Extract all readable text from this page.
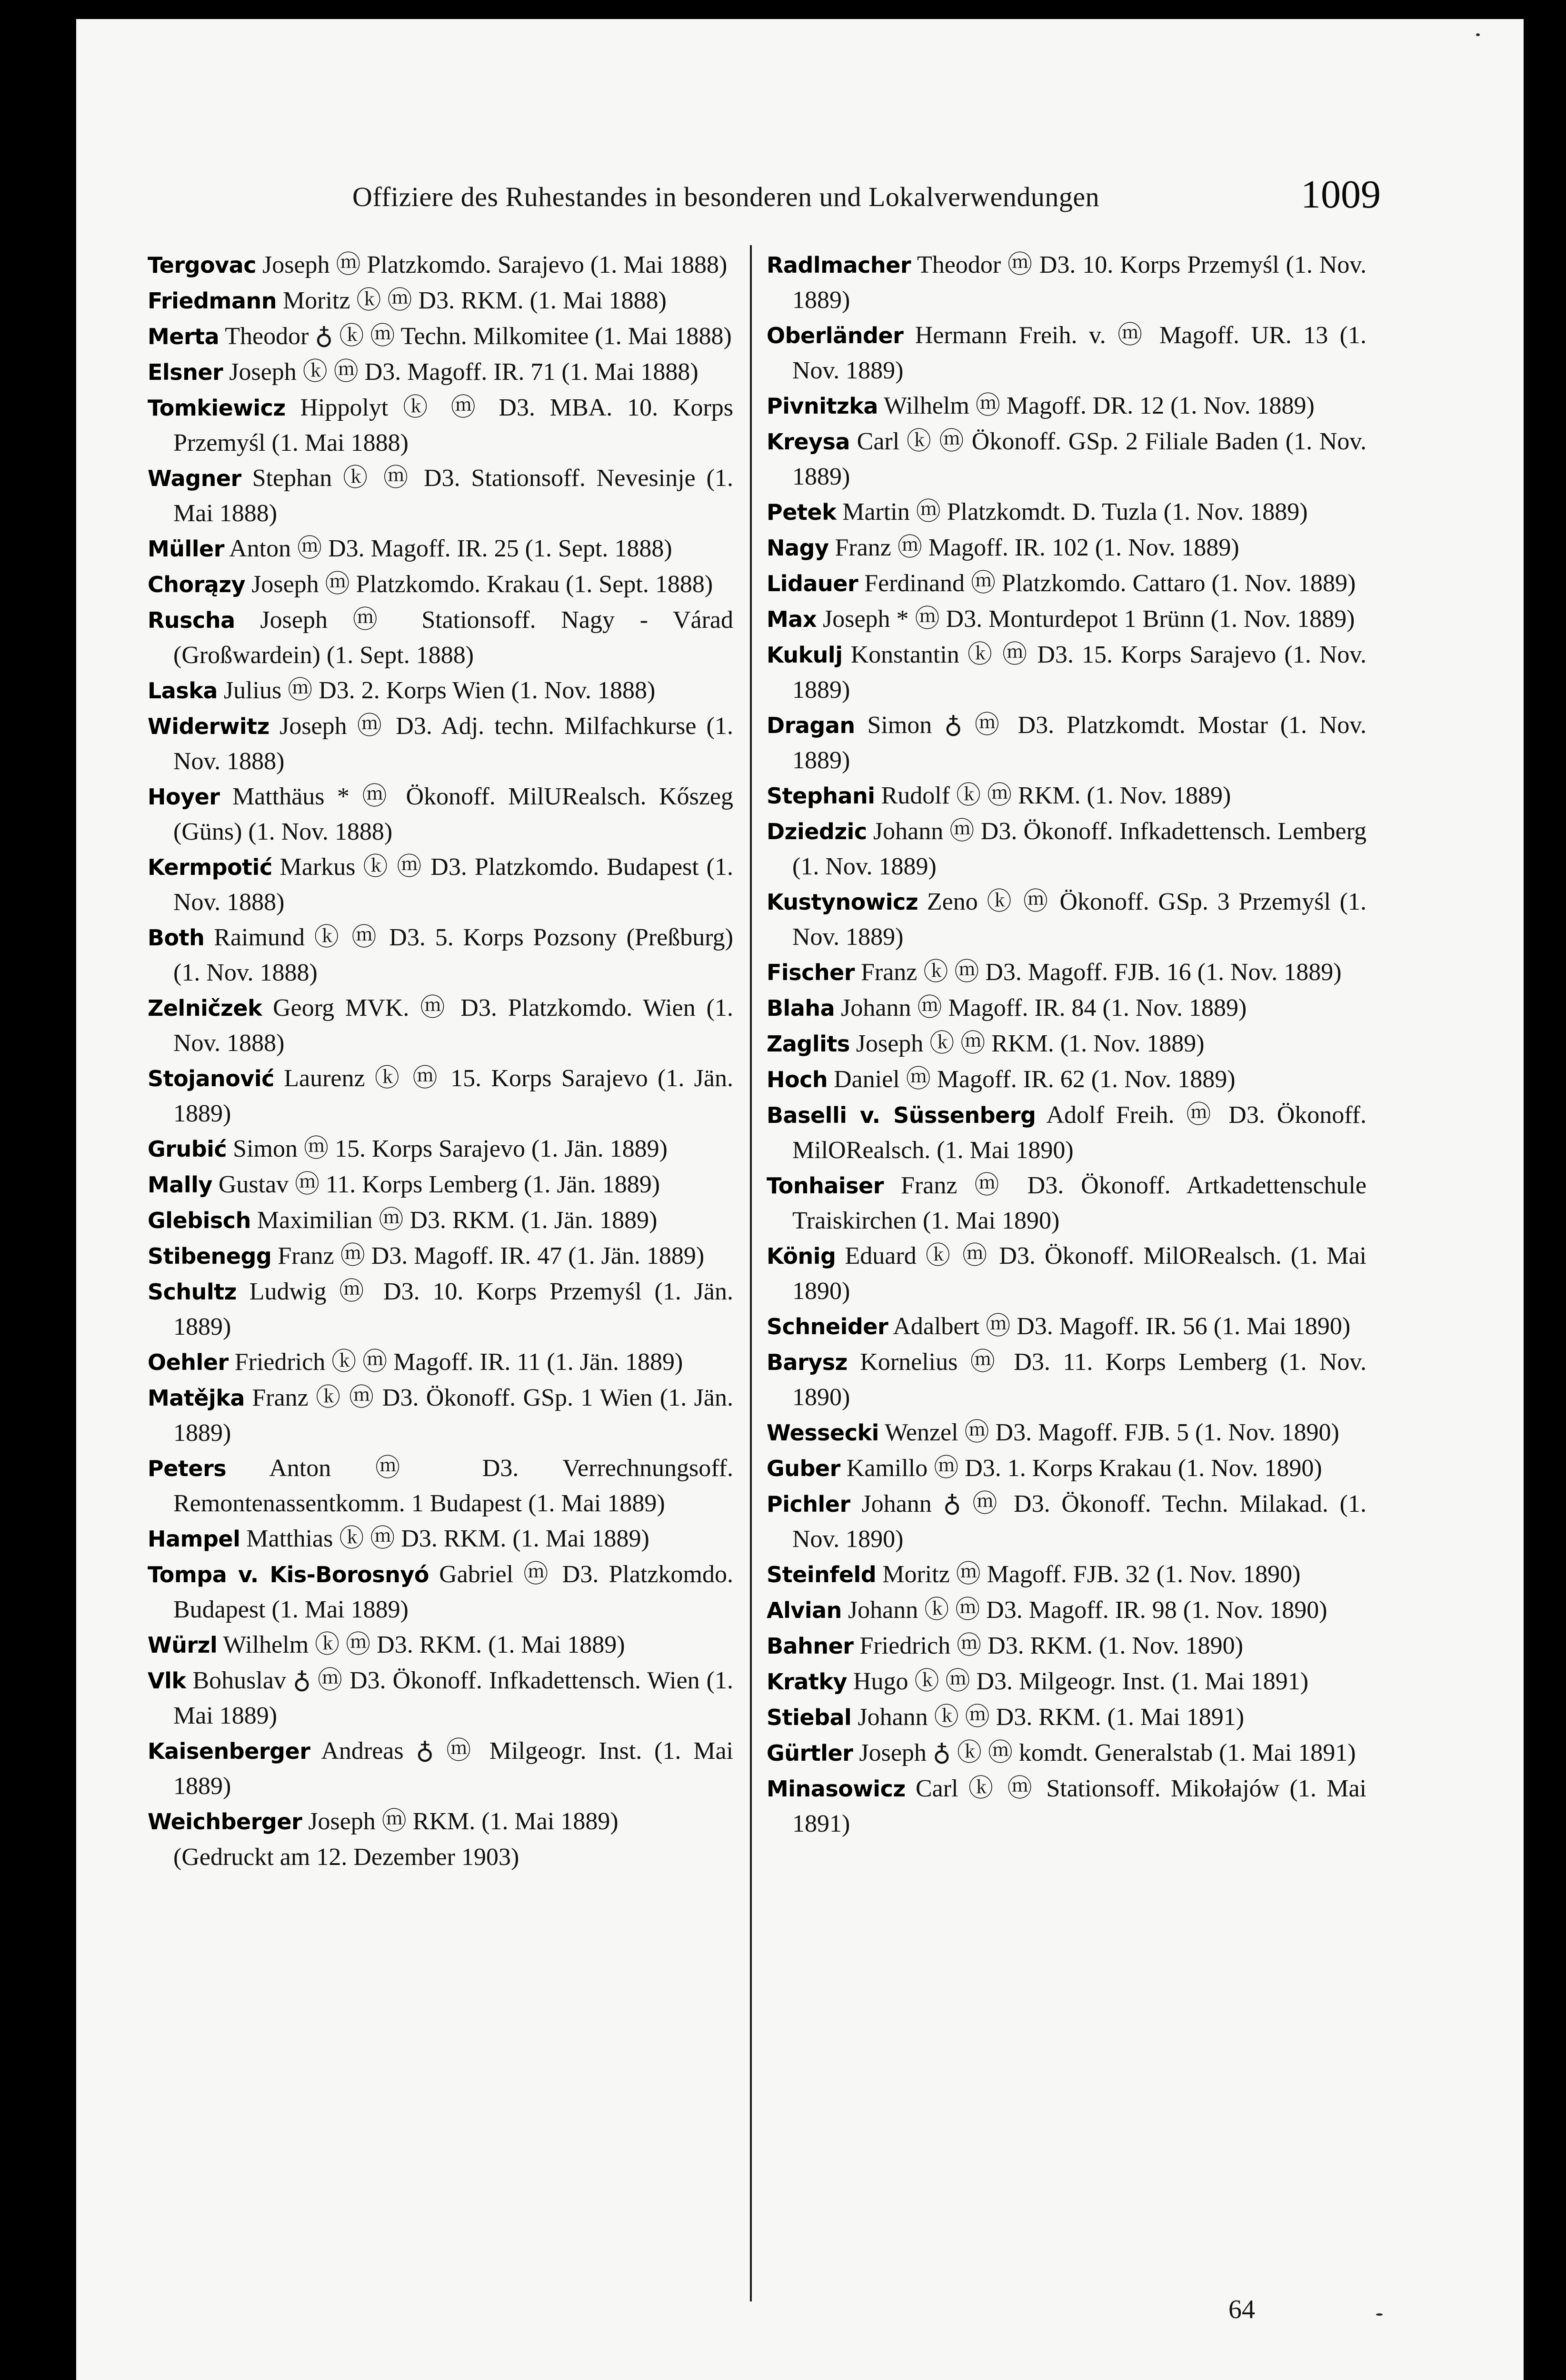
Offiziere des Ruhestandes in besonderen und Lokalverwendungen	1009

Tergovac Joseph ⓜ Platzkomdo. Sarajevo (1. Mai 1888)

Friedmann Moritz ⓚ ⓜ D3. RKM. (1. Mai 1888)

Merta Theodor ♁ ⓚ ⓜ Techn. Milkomitee (1. Mai 1888)

Elsner Joseph ⓚ ⓜ D3. Magoff. IR. 71 (1. Mai 1888)

Tomkiewicz Hippolyt ⓚ ⓜ D3. MBA. 10. Korps Przemyśl (1. Mai 1888)

Wagner Stephan ⓚ ⓜ D3. Stationsoff. Nevesinje (1. Mai 1888)

Müller Anton ⓜ D3. Magoff. IR. 25 (1. Sept. 1888)

Chorązy Joseph ⓜ Platzkomdo. Krakau (1. Sept. 1888)

Ruscha Joseph ⓜ Stationsoff. Nagy - Várad (Großwardein) (1. Sept. 1888)

Laska Julius ⓜ D3. 2. Korps Wien (1. Nov. 1888)

Widerwitz Joseph ⓜ D3. Adj. techn. Milfachkurse (1. Nov. 1888)

Hoyer Matthäus * ⓜ Ökonoff. MilURealsch. Kőszeg (Güns) (1. Nov. 1888)

Kermpotić Markus ⓚ ⓜ D3. Platzkomdo. Budapest (1. Nov. 1888)

Both Raimund ⓚ ⓜ D3. 5. Korps Pozsony (Preßburg) (1. Nov. 1888)

Zelničzek Georg MVK. ⓜ D3. Platzkomdo. Wien (1. Nov. 1888)

Stojanović Laurenz ⓚ ⓜ 15. Korps Sarajevo (1. Jän. 1889)

Grubić Simon ⓜ 15. Korps Sarajevo (1. Jän. 1889)

Mally Gustav ⓜ 11. Korps Lemberg (1. Jän. 1889)

Glebisch Maximilian ⓜ D3. RKM. (1. Jän. 1889)

Stibenegg Franz ⓜ D3. Magoff. IR. 47 (1. Jän. 1889)

Schultz Ludwig ⓜ D3. 10. Korps Przemyśl (1. Jän. 1889)

Oehler Friedrich ⓚ ⓜ Magoff. IR. 11 (1. Jän. 1889)

Matějka Franz ⓚ ⓜ D3. Ökonoff. GSp. 1 Wien (1. Jän. 1889)

Peters Anton ⓜ D3. Verrechnungsoff. Remontenassentkomm. 1 Budapest (1. Mai 1889)

Hampel Matthias ⓚ ⓜ D3. RKM. (1. Mai 1889)

Tompa v. Kis-Borosnyó Gabriel ⓜ D3. Platzkomdo. Budapest (1. Mai 1889)

Würzl Wilhelm ⓚ ⓜ D3. RKM. (1. Mai 1889)

Vlk Bohuslav ♁ ⓜ D3. Ökonoff. Infkadettensch. Wien (1. Mai 1889)

Kaisenberger Andreas ♁ ⓜ Milgeogr. Inst. (1. Mai 1889)

Weichberger Joseph ⓜ RKM. (1. Mai 1889)

(Gedruckt am 12. Dezember 1903)

Radlmacher Theodor ⓜ D3. 10. Korps Przemyśl (1. Nov. 1889)

Oberländer Hermann Freih. v. ⓜ Magoff. UR. 13 (1. Nov. 1889)

Pivnitzka Wilhelm ⓜ Magoff. DR. 12 (1. Nov. 1889)

Kreysa Carl ⓚ ⓜ Ökonoff. GSp. 2 Filiale Baden (1. Nov. 1889)

Petek Martin ⓜ Platzkomdt. D. Tuzla (1. Nov. 1889)

Nagy Franz ⓜ Magoff. IR. 102 (1. Nov. 1889)

Lidauer Ferdinand ⓜ Platzkomdo. Cattaro (1. Nov. 1889)

Max Joseph * ⓜ D3. Monturdepot 1 Brünn (1. Nov. 1889)

Kukulj Konstantin ⓚ ⓜ D3. 15. Korps Sarajevo (1. Nov. 1889)

Dragan Simon ♁ ⓜ D3. Platzkomdt. Mostar (1. Nov. 1889)

Stephani Rudolf ⓚ ⓜ RKM. (1. Nov. 1889)

Dziedzic Johann ⓜ D3. Ökonoff. Infkadettensch. Lemberg (1. Nov. 1889)

Kustynowicz Zeno ⓚ ⓜ Ökonoff. GSp. 3 Przemyśl (1. Nov. 1889)

Fischer Franz ⓚ ⓜ D3. Magoff. FJB. 16 (1. Nov. 1889)

Blaha Johann ⓜ Magoff. IR. 84 (1. Nov. 1889)

Zaglits Joseph ⓚ ⓜ RKM. (1. Nov. 1889)

Hoch Daniel ⓜ Magoff. IR. 62 (1. Nov. 1889)

Baselli v. Süssenberg Adolf Freih. ⓜ D3. Ökonoff. MilORealsch. (1. Mai 1890)

Tonhaiser Franz ⓜ D3. Ökonoff. Artkadettenschule Traiskirchen (1. Mai 1890)

König Eduard ⓚ ⓜ D3. Ökonoff. MilORealsch. (1. Mai 1890)

Schneider Adalbert ⓜ D3. Magoff. IR. 56 (1. Mai 1890)

Barysz Kornelius ⓜ D3. 11. Korps Lemberg (1. Nov. 1890)

Wessecki Wenzel ⓜ D3. Magoff. FJB. 5 (1. Nov. 1890)

Guber Kamillo ⓜ D3. 1. Korps Krakau (1. Nov. 1890)

Pichler Johann ♁ ⓜ D3. Ökonoff. Techn. Milakad. (1. Nov. 1890)

Steinfeld Moritz ⓜ Magoff. FJB. 32 (1. Nov. 1890)

Alvian Johann ⓚ ⓜ D3. Magoff. IR. 98 (1. Nov. 1890)

Bahner Friedrich ⓜ D3. RKM. (1. Nov. 1890)

Kratky Hugo ⓚ ⓜ D3. Milgeogr. Inst. (1. Mai 1891)

Stiebal Johann ⓚ ⓜ D3. RKM. (1. Mai 1891)

Gürtler Joseph ♁ ⓚ ⓜ komdt. Generalstab (1. Mai 1891)

Minasowicz Carl ⓚ ⓜ Stationsoff. Mikołajów (1. Mai 1891)

64
